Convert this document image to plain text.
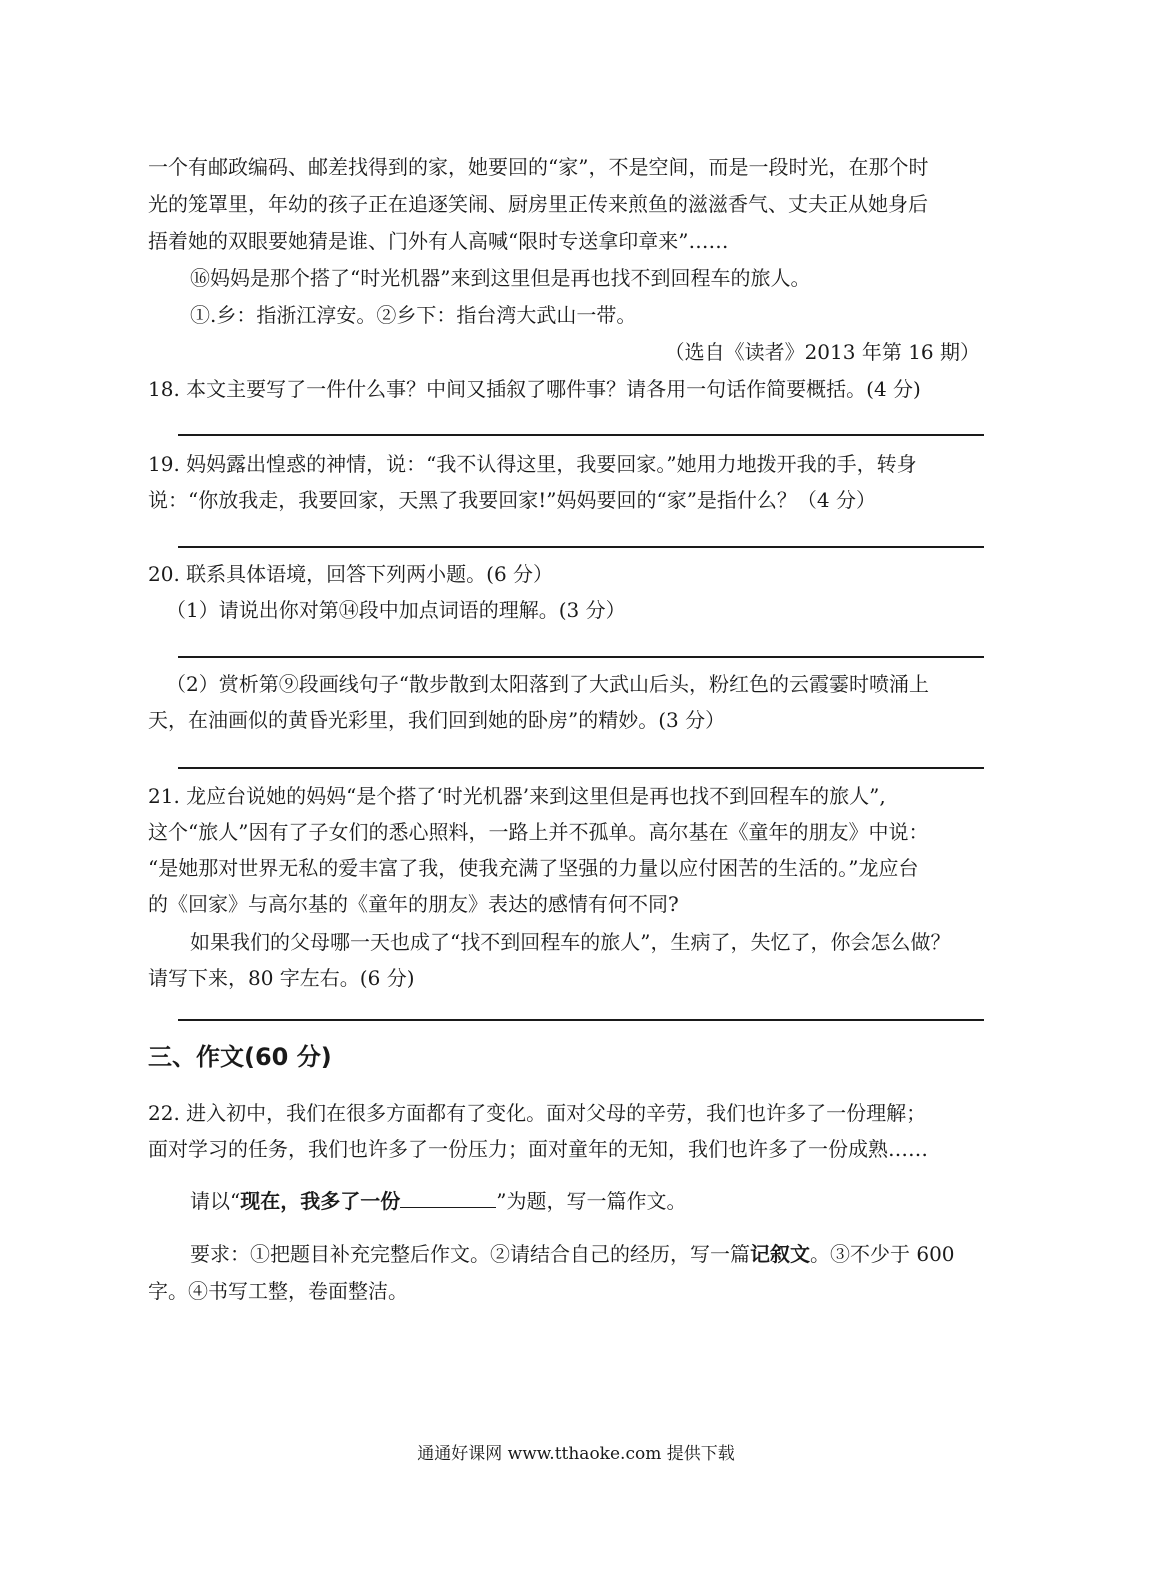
一个有邮政编码、邮差找得到的家，她要回的“家”，不是空间，而是一段时光，在那个时
光的笼罩里，年幼的孩子正在追逐笑闹、厨房里正传来煎鱼的滋滋香气、丈夫正从她身后
捂着她的双眼要她猜是谁、门外有人高喊“限时专送拿印章来”……
⑯妈妈是那个搭了“时光机器”来到这里但是再也找不到回程车的旅人。
①.乡：指浙江淳安。②乡下：指台湾大武山一带。
（选自《读者》2013 年第 16 期）
18. 本文主要写了一件什么事？中间又插叙了哪件事？请各用一句话作简要概括。(4 分)
19. 妈妈露出惶惑的神情，说：“我不认得这里，我要回家。”她用力地拨开我的手，转身
说：“你放我走，我要回家，天黑了我要回家!”妈妈要回的“家”是指什么？（4 分）
20. 联系具体语境，回答下列两小题。(6 分）
（1）请说出你对第⑭段中加点词语的理解。(3 分）
（2）赏析第⑨段画线句子“散步散到太阳落到了大武山后头，粉红色的云霞霎时喷涌上
天，在油画似的黄昏光彩里，我们回到她的卧房”的精妙。(3 分）
21. 龙应台说她的妈妈“是个搭了‘时光机器’来到这里但是再也找不到回程车的旅人”,
这个“旅人”因有了子女们的悉心照料，一路上并不孤单。高尔基在《童年的朋友》中说：
“是她那对世界无私的爱丰富了我，使我充满了坚强的力量以应付困苦的生活的。”龙应台
的《回家》与高尔基的《童年的朋友》表达的感情有何不同?
如果我们的父母哪一天也成了“找不到回程车的旅人”，生病了，失忆了，你会怎么做？
请写下来，80 字左右。(6 分)
三、作文(60 分)
22. 进入初中，我们在很多方面都有了变化。面对父母的辛劳，我们也许多了一份理解；
面对学习的任务，我们也许多了一份压力；面对童年的无知，我们也许多了一份成熟……
请以“现在，我多了一份	”为题，写一篇作文。
要求：①把题目补充完整后作文。②请结合自己的经历，写一篇记叙文。③不少于 600
字。④书写工整，卷面整洁。
通通好课网 www.tthaoke.com 提供下载
